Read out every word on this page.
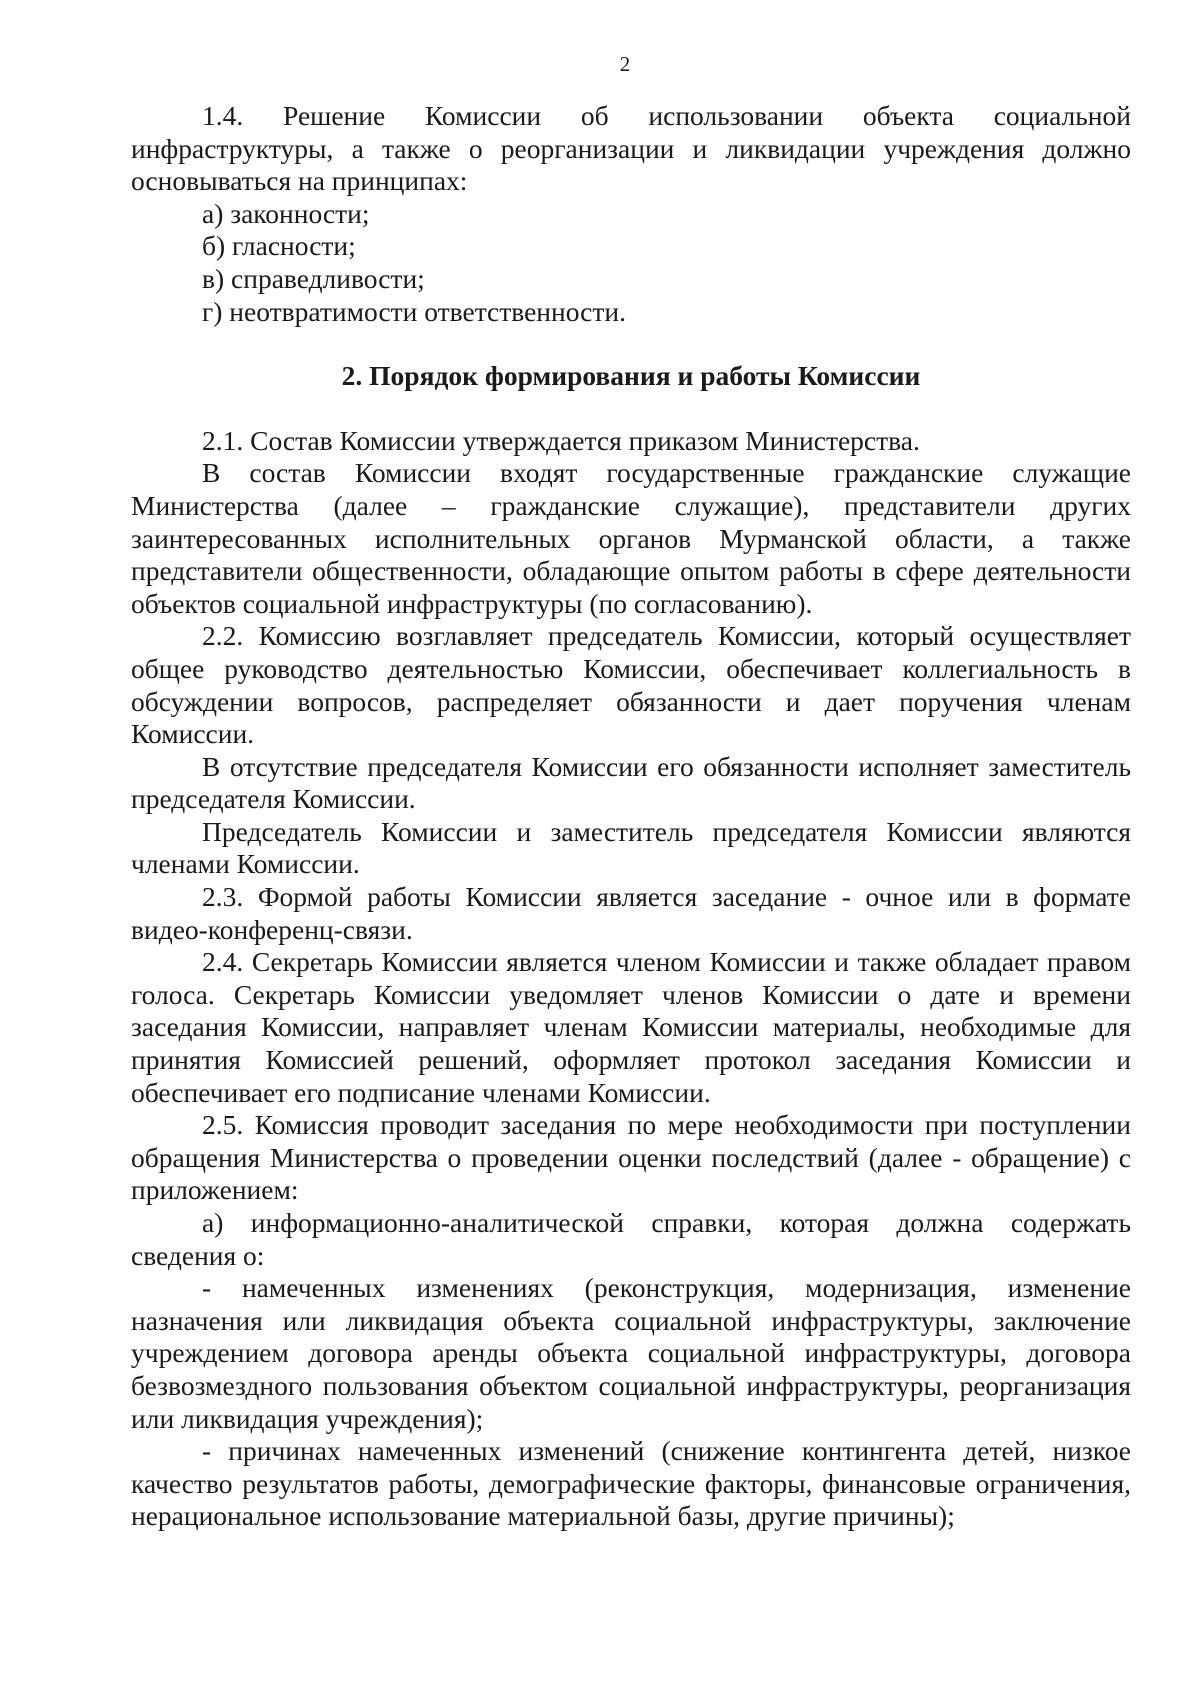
2

1.4. Решение Комиссии об использовании объекта социальной инфраструктуры, а также о реорганизации и ликвидации учреждения должно основываться на принципах:

а) законности;

б) гласности;

в) справедливости;

г) неотвратимости ответственности.

2. Порядок формирования и работы Комиссии

2.1. Состав Комиссии утверждается приказом Министерства.

В состав Комиссии входят государственные гражданские служащие Министерства (далее – гражданские служащие), представители других заинтересованных исполнительных органов Мурманской области, а также представители общественности, обладающие опытом работы в сфере деятельности объектов социальной инфраструктуры (по согласованию).

2.2. Комиссию возглавляет председатель Комиссии, который осуществляет общее руководство деятельностью Комиссии, обеспечивает коллегиальность в обсуждении вопросов, распределяет обязанности и дает поручения членам Комиссии.

В отсутствие председателя Комиссии его обязанности исполняет заместитель председателя Комиссии.

Председатель Комиссии и заместитель председателя Комиссии являются членами Комиссии.

2.3. Формой работы Комиссии является заседание - очное или в формате видео-конференц-связи.

2.4. Секретарь Комиссии является членом Комиссии и также обладает правом голоса. Секретарь Комиссии уведомляет членов Комиссии о дате и времени заседания Комиссии, направляет членам Комиссии материалы, необходимые для принятия Комиссией решений, оформляет протокол заседания Комиссии и обеспечивает его подписание членами Комиссии.

2.5. Комиссия проводит заседания по мере необходимости при поступлении обращения Министерства о проведении оценки последствий (далее - обращение) с приложением:

а) информационно-аналитической справки, которая должна содержать сведения о:

- намеченных изменениях (реконструкция, модернизация, изменение назначения или ликвидация объекта социальной инфраструктуры, заключение учреждением договора аренды объекта социальной инфраструктуры, договора безвозмездного пользования объектом социальной инфраструктуры, реорганизация или ликвидация учреждения);

- причинах намеченных изменений (снижение контингента детей, низкое качество результатов работы, демографические факторы, финансовые ограничения, нерациональное использование материальной базы, другие причины);
